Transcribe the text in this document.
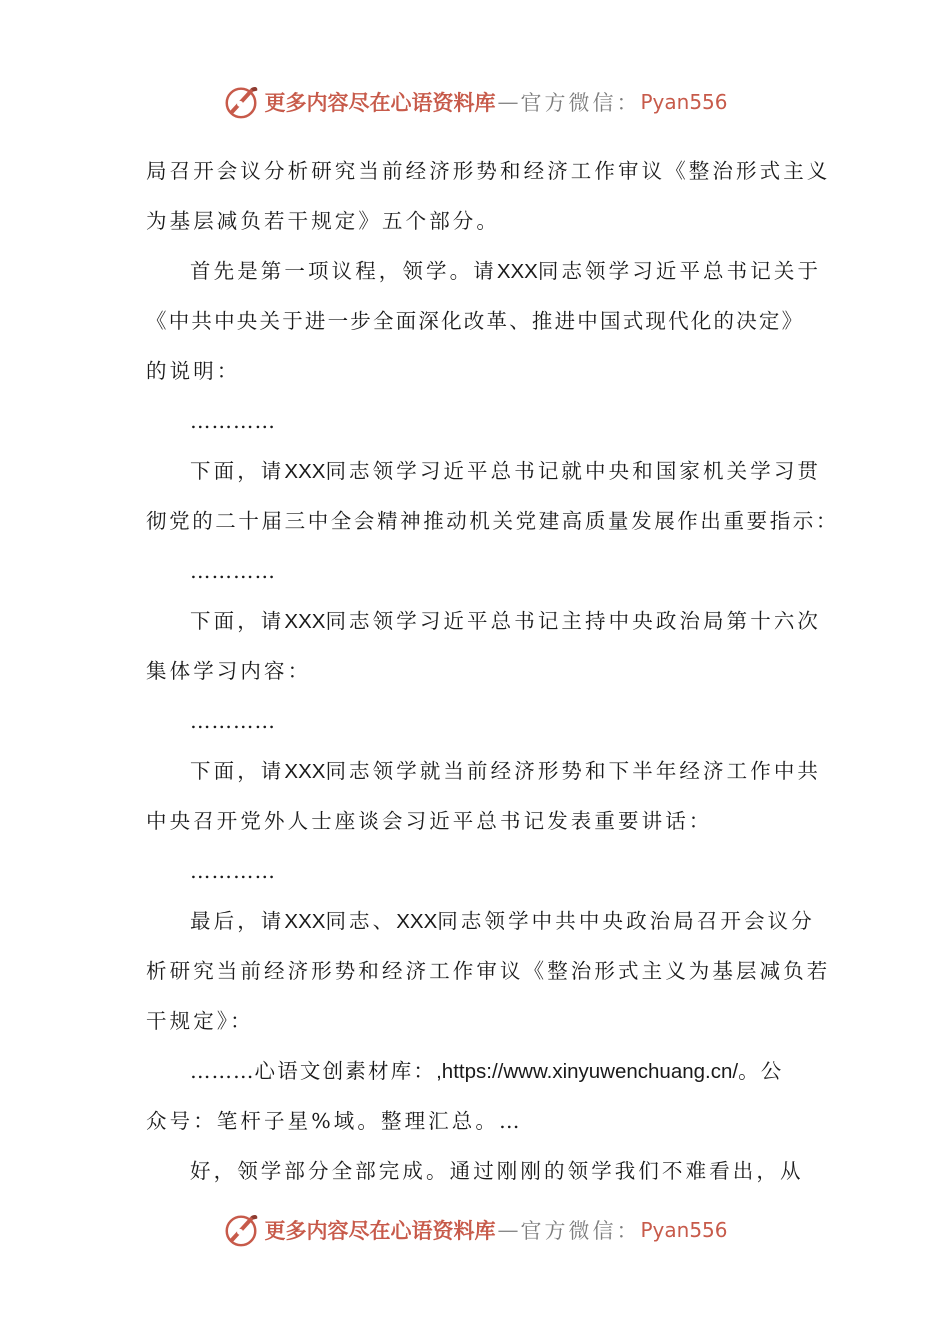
更多内容尽在心语资料库 — 官方微信： Pyan556
局召开会议分析研究当前经济形势和经济工作审议《整治形式主义
为基层减负若干规定》五个部分。
首先是第一项议程，领学。请XXX同志领学习近平总书记关于
《中共中央关于进一步全面深化改革、推进中国式现代化的决定》
的说明：
…………
下面，请XXX同志领学习近平总书记就中央和国家机关学习贯
彻党的二十届三中全会精神推动机关党建高质量发展作出重要指示：
…………
下面，请XXX同志领学习近平总书记主持中央政治局第十六次
集体学习内容：
…………
下面，请XXX同志领学就当前经济形势和下半年经济工作中共
中央召开党外人士座谈会习近平总书记发表重要讲话：
…………
最后，请XXX同志、XXX同志领学中共中央政治局召开会议分
析研究当前经济形势和经济工作审议《整治形式主义为基层减负若
干规定》：
………心语文创素材库：,https://www.xinyuwenchuang.cn/。公
众号：笔杆子星%域。整理汇总。…
好，领学部分全部完成。通过刚刚的领学我们不难看出，从
更多内容尽在心语资料库 — 官方微信： Pyan556
